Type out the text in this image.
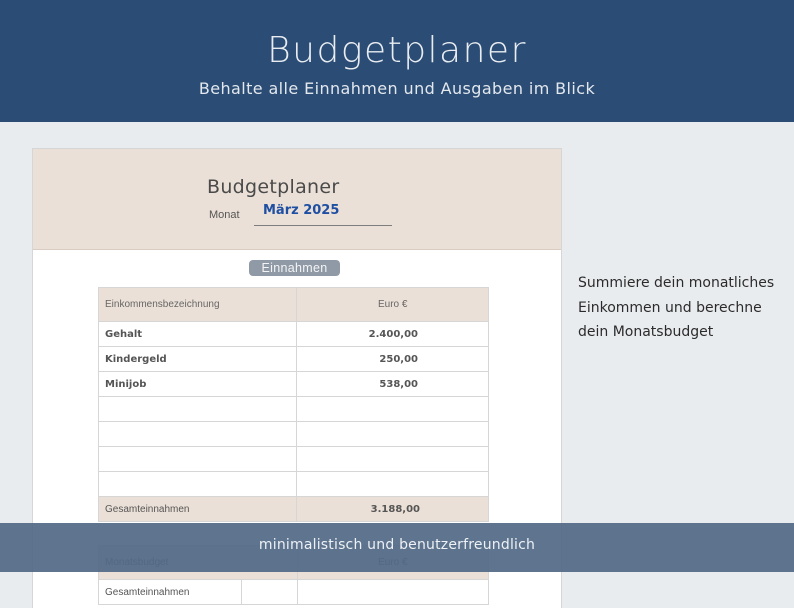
Budgetplaner
Behalte alle Einnahmen und Ausgaben im Blick
Budgetplaner
Monat März 2025
Einnahmen
Einkommensbezeichnung	Euro €
Gehalt	2.400,00
Kindergeld	250,00
Minijob	538,00

Gesamteinnahmen	3.188,00

Gesamteinnahmen		
Summiere dein monatliches Einkommen und berechne dein Monatsbudget
minimalistisch und benutzerfreundlich
